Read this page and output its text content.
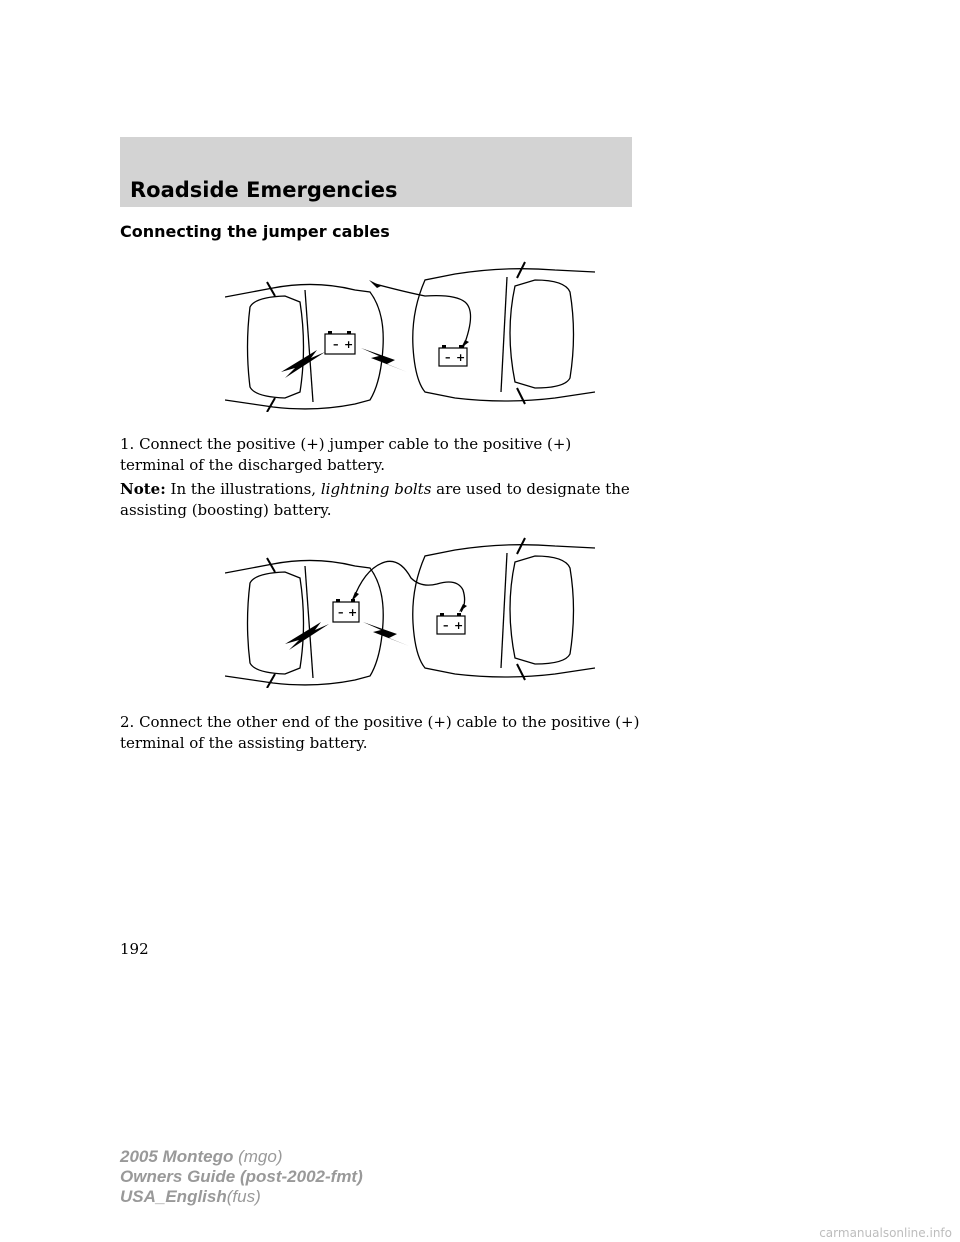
Roadside Emergencies
Connecting the jumper cables
– +
– +

1. Connect the positive (+) jumper cable to the positive (+) terminal of the discharged battery.

Note: In the illustrations, lightning bolts are used to designate the assisting (boosting) battery.

– +
– +

2. Connect the other end of the positive (+) cable to the positive (+) terminal of the assisting battery.

192

2005 Montego (mgo)
Owners Guide (post-2002-fmt)
USA_English(fus)
carmanualsonline.info
